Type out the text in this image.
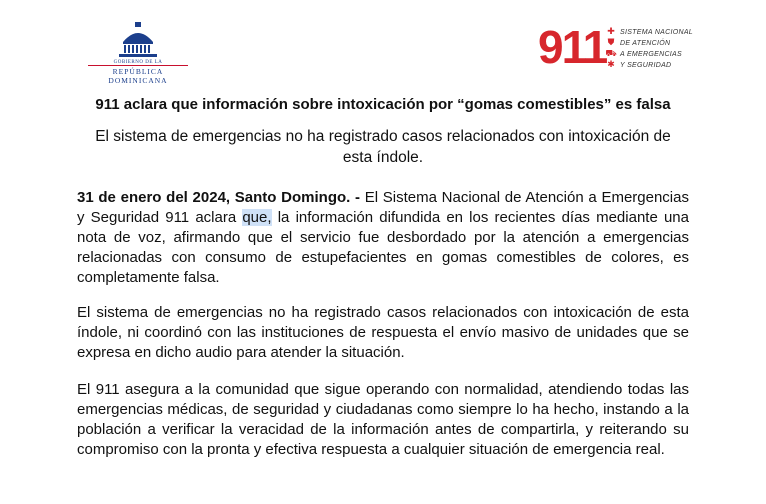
GOBIERNO DE LA
REPÚBLICA DOMINICANA
911 ✚
⛊
⛟
✱
SISTEMA NACIONAL
DE ATENCIÓN
A EMERGENCIAS
Y SEGURIDAD
911 aclara que información sobre intoxicación por “gomas comestibles” es falsa
El sistema de emergencias no ha registrado casos relacionados con intoxicación de esta índole.
31 de enero del 2024, Santo Domingo. - El Sistema Nacional de Atención a Emergencias y Seguridad 911 aclara que, la información difundida en los recientes días mediante una nota de voz, afirmando que el servicio fue desbordado por la atención a emergencias relacionadas con consumo de estupefacientes en gomas comestibles de colores, es completamente falsa.
El sistema de emergencias no ha registrado casos relacionados con intoxicación de esta índole, ni coordinó con las instituciones de respuesta el envío masivo de unidades que se expresa en dicho audio para atender la situación.
El 911 asegura a la comunidad que sigue operando con normalidad, atendiendo todas las emergencias médicas, de seguridad y ciudadanas como siempre lo ha hecho, instando a la población a verificar la veracidad de la información antes de compartirla, y reiterando su compromiso con la pronta y efectiva respuesta a cualquier situación de emergencia real.
